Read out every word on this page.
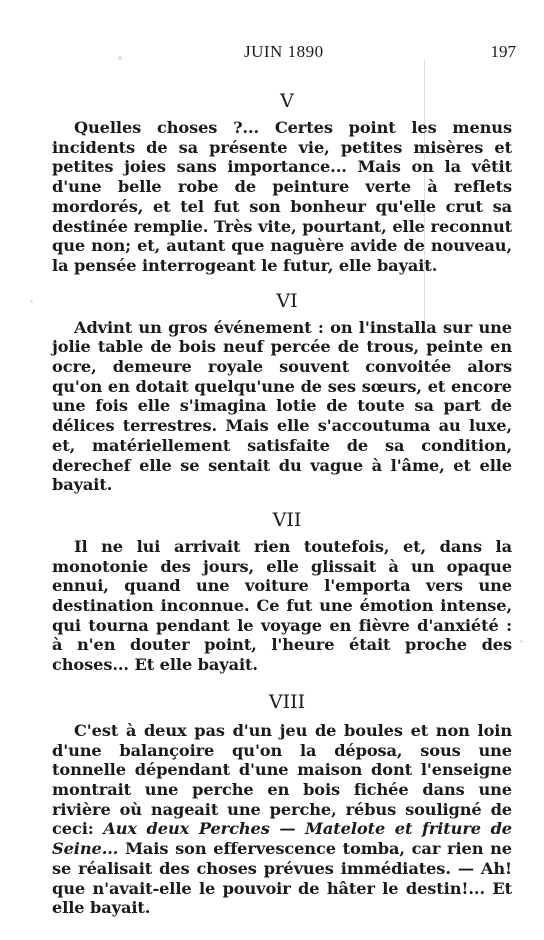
JUIN 1890	197

V

Quelles choses ?... Certes point les menus incidents de sa présente vie, petites misères et petites joies sans importance... Mais on la vêtit d'une belle robe de peinture verte à reflets mordorés, et tel fut son bonheur qu'elle crut sa destinée remplie. Très vite, pourtant, elle reconnut que non; et, autant que naguère avide de nouveau, la pensée interrogeant le futur, elle bayait.

VI

Advint un gros événement : on l'installa sur une jolie table de bois neuf percée de trous, peinte en ocre, demeure royale souvent convoitée alors qu'on en dotait quelqu'une de ses sœurs, et encore une fois elle s'imagina lotie de toute sa part de délices terrestres. Mais elle s'accoutuma au luxe, et, matériellement satisfaite de sa condition, derechef elle se sentait du vague à l'âme, et elle bayait.

VII

Il ne lui arrivait rien toutefois, et, dans la monotonie des jours, elle glissait à un opaque ennui, quand une voiture l'emporta vers une destination inconnue. Ce fut une émotion intense, qui tourna pendant le voyage en fièvre d'anxiété : à n'en douter point, l'heure était proche des choses... Et elle bayait.

VIII

C'est à deux pas d'un jeu de boules et non loin d'une balançoire qu'on la déposa, sous une tonnelle dépendant d'une maison dont l'enseigne montrait une perche en bois fichée dans une rivière où nageait une perche, rébus souligné de ceci: Aux deux Perches — Matelote et friture de Seine... Mais son effervescence tomba, car rien ne se réalisait des choses prévues immédiates. — Ah! que n'avait-elle le pouvoir de hâter le destin!... Et elle bayait.
